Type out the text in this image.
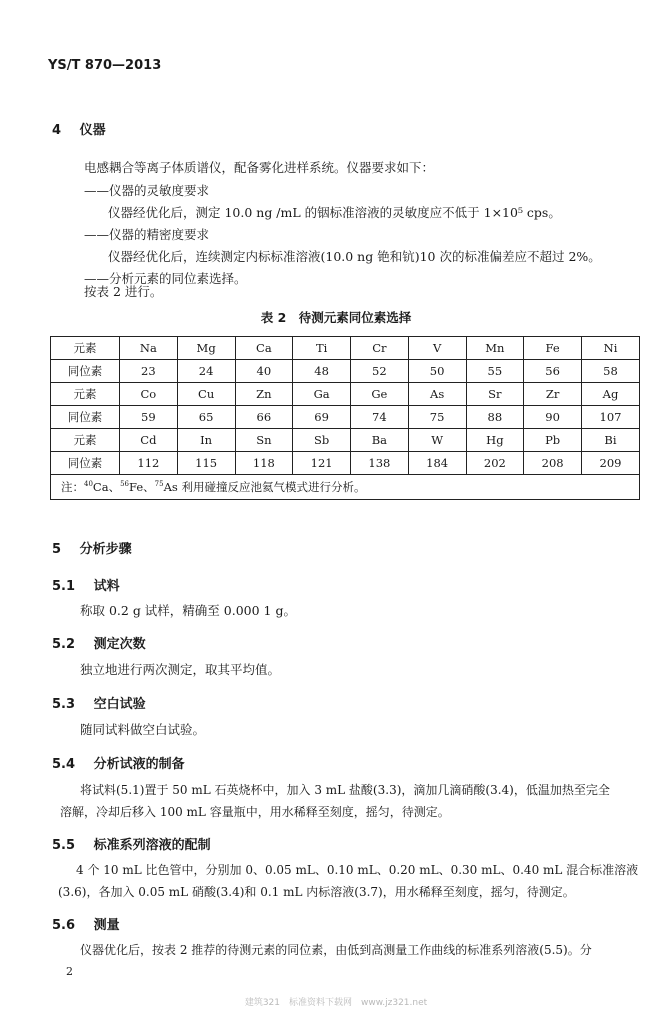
YS/T 870—2013
4 仪器
电感耦合等离子体质谱仪，配备雾化进样系统。仪器要求如下：
——仪器的灵敏度要求
仪器经优化后，测定 10.0 ng /mL 的铟标准溶液的灵敏度应不低于 1×10⁵ cps。
——仪器的精密度要求
仪器经优化后，连续测定内标标准溶液(10.0 ng 铯和钪)10 次的标准偏差应不超过 2%。
——分析元素的同位素选择。
按表 2 进行。
表 2　待测元素同位素选择
元素	Na	Mg	Ca	Ti	Cr	V	Mn	Fe	Ni
同位素	23	24	40	48	52	50	55	56	58
元素	Co	Cu	Zn	Ga	Ge	As	Sr	Zr	Ag
同位素	59	65	66	69	74	75	88	90	107
元素	Cd	In	Sn	Sb	Ba	W	Hg	Pb	Bi
同位素	112	115	118	121	138	184	202	208	209
注：$^{40}$Ca、$^{56}$Fe、$^{75}$As 利用碰撞反应池氦气模式进行分析。									
5 分析步骤
5.1 试料
称取 0.2 g 试样，精确至 0.000 1 g。
5.2 测定次数
独立地进行两次测定，取其平均值。
5.3 空白试验
随同试料做空白试验。
5.4 分析试液的制备
将试料(5.1)置于 50 mL 石英烧杯中，加入 3 mL 盐酸(3.3)，滴加几滴硝酸(3.4)，低温加热至完全
溶解，冷却后移入 100 mL 容量瓶中，用水稀释至刻度，摇匀，待测定。
5.5 标准系列溶液的配制
4 个 10 mL 比色管中，分别加 0、0.05 mL、0.10 mL、0.20 mL、0.30 mL、0.40 mL 混合标准溶液
(3.6)，各加入 0.05 mL 硝酸(3.4)和 0.1 mL 内标溶液(3.7)，用水稀释至刻度，摇匀，待测定。
5.6 测量
仪器优化后，按表 2 推荐的待测元素的同位素，由低到高测量工作曲线的标准系列溶液(5.5)。分
2
建筑321　标准资料下载网　www.jz321.net
